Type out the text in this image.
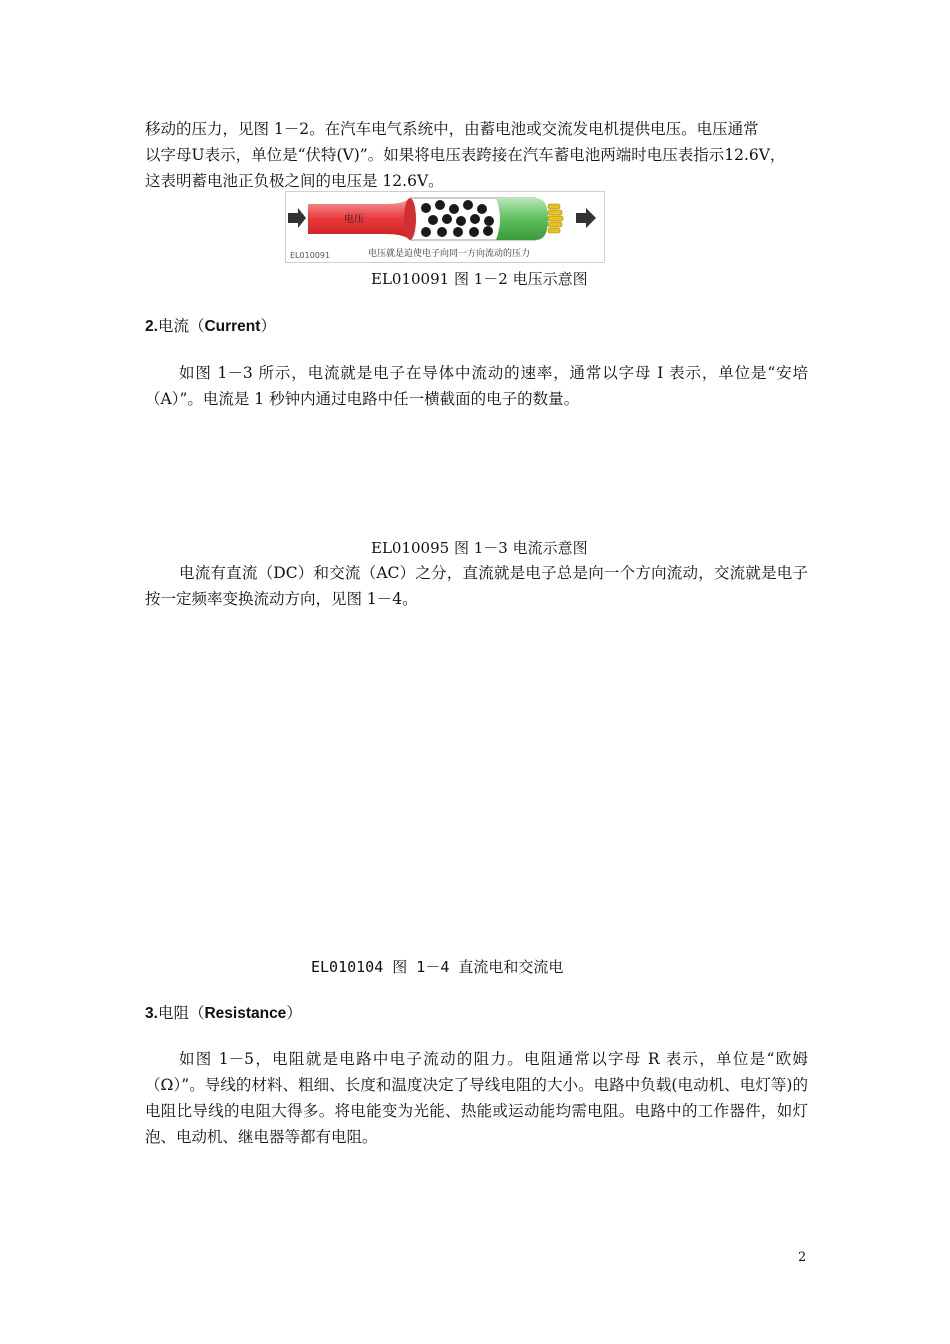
移动的压力，见图 1－2。在汽车电气系统中，由蓄电池或交流发电机提供电压。电压通常
以字母U表示，单位是“伏特(V)”。如果将电压表跨接在汽车蓄电池两端时电压表指示12.6V，
这表明蓄电池正负极之间的电压是 12.6V。
电压
EL010091	电压就是迫使电子向同一方向流动的压力
EL010091 图 1－2 电压示意图
2.电流（Current）

如图 1－3 所示，电流就是电子在导体中流动的速率，通常以字母 I 表示，单位是“安培（A）”。电流是 1 秒钟内通过电路中任一横截面的电子的数量。

EL010095 图 1－3 电流示意图

电流有直流（DC）和交流（AC）之分，直流就是电子总是向一个方向流动，交流就是电子按一定频率变换流动方向，见图 1－4。

EL010104 图 1－4 直流电和交流电
3.电阻（Resistance）

如图 1－5，电阻就是电路中电子流动的阻力。电阻通常以字母 R 表示，单位是“欧姆（Ω）”。导线的材料、粗细、长度和温度决定了导线电阻的大小。电路中负载(电动机、电灯等)的电阻比导线的电阻大得多。将电能变为光能、热能或运动能均需电阻。电路中的工作器件，如灯泡、电动机、继电器等都有电阻。

2
